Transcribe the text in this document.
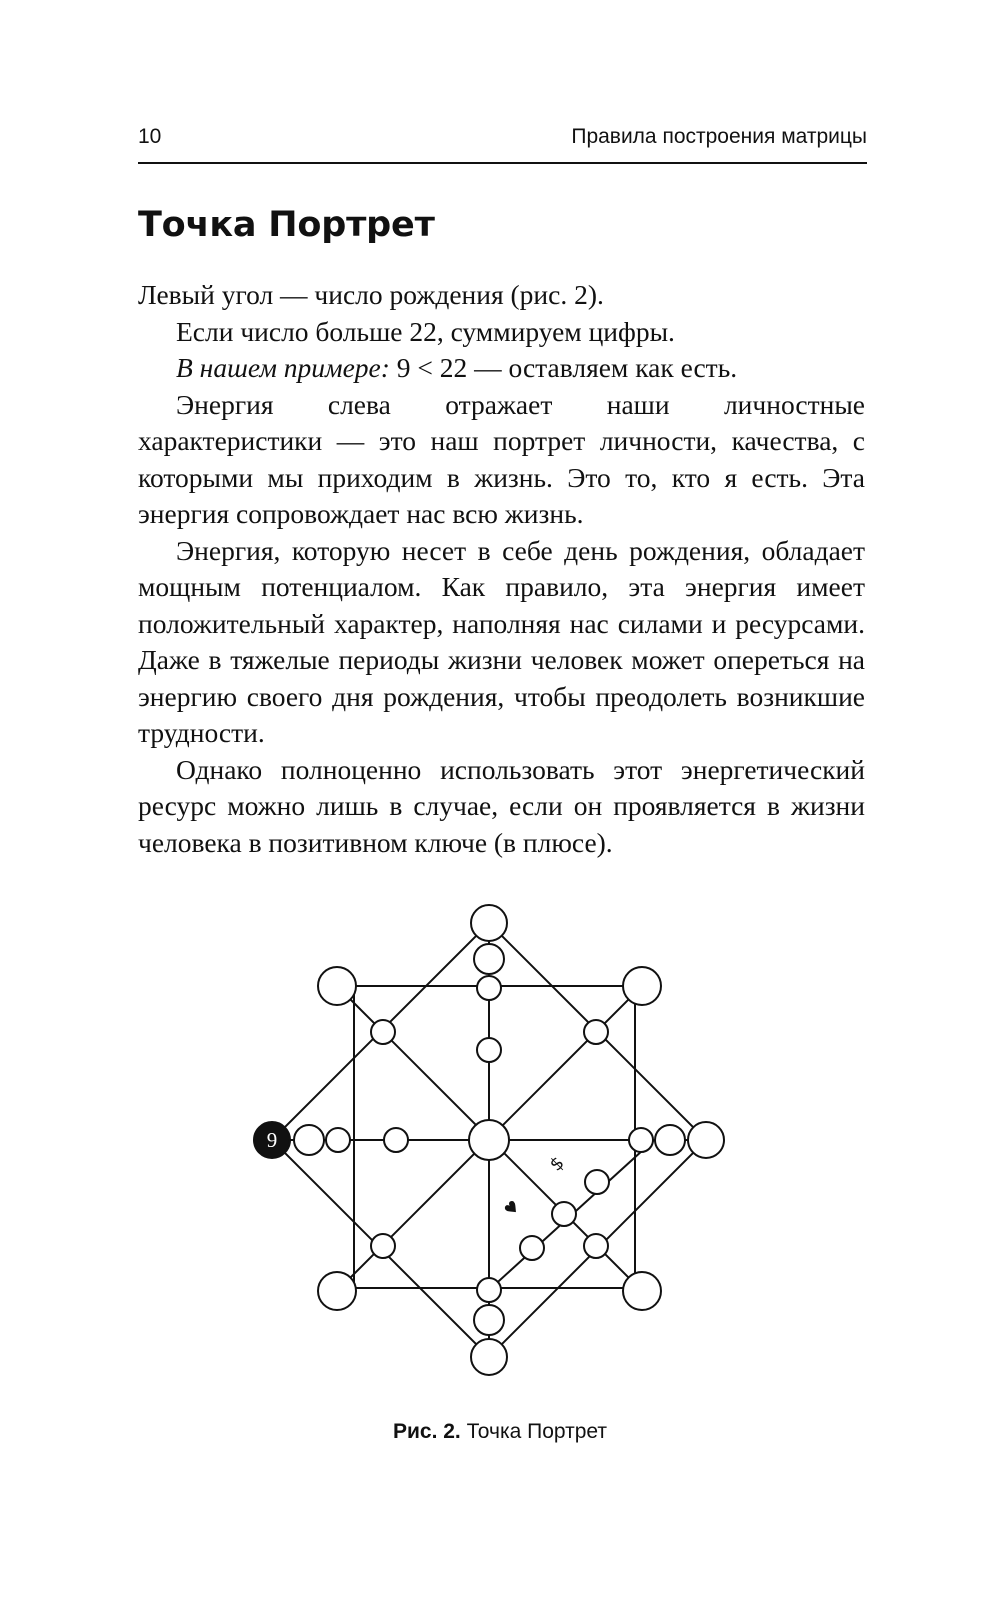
10	Правила построения матрицы
Точка Портрет

Левый угол — число рождения (рис. 2).

Если число больше 22, суммируем цифры.

В нашем примере: 9 < 22 — оставляем как есть.

Энергия слева отражает наши личностные характеристики — это наш портрет личности, качества, с которыми мы приходим в жизнь. Это то, кто я есть. Эта энергия сопровождает нас всю жизнь.

Энергия, которую несет в себе день рождения, обладает мощным потенциалом. Как правило, эта энергия имеет положительный характер, наполняя нас силами и ресурсами. Даже в тяжелые периоды жизни человек может опереться на энергию своего дня рождения, чтобы преодолеть возникшие трудности.

Однако полноценно использовать этот энергетический ресурс можно лишь в случае, если он проявляется в жизни человека в позитивном ключе (в плюсе).

9
$
♥
Рис. 2. Точка Портрет
